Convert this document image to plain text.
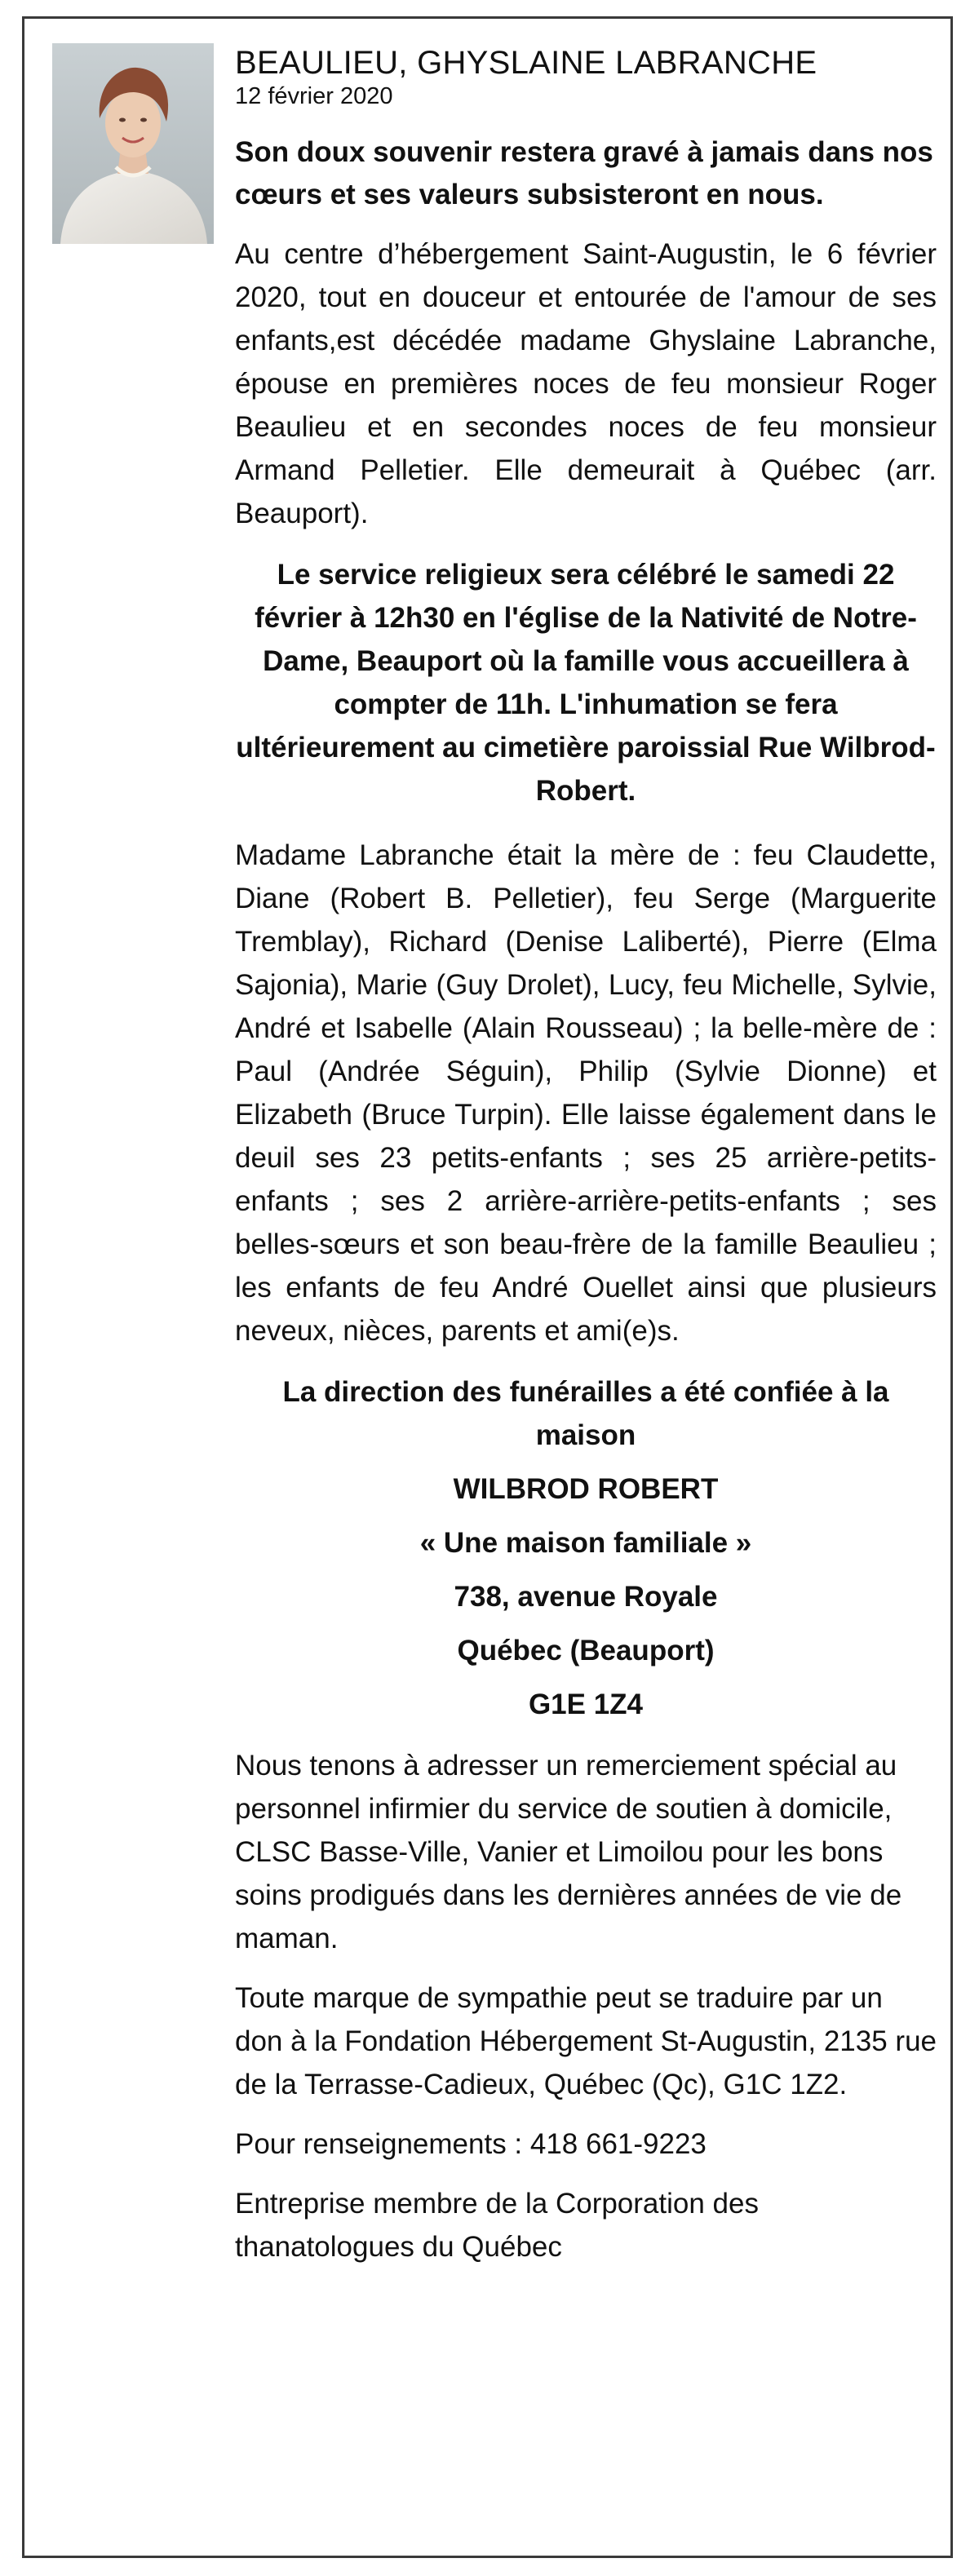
BEAULIEU, GHYSLAINE LABRANCHE
12 février 2020

Son doux souvenir restera gravé à jamais dans nos cœurs et ses valeurs subsisteront en nous.

Au centre d’hébergement Saint-Augustin, le 6 février 2020, tout en douceur et entourée de l'amour de ses enfants,est décédée madame Ghyslaine Labranche, épouse en premières noces de feu monsieur Roger Beaulieu et en secondes noces de feu monsieur Armand Pelletier. Elle demeurait à Québec (arr. Beauport).

Le service religieux sera célébré le samedi 22 février à 12h30 en l'église de la Nativité de Notre-Dame, Beauport où la famille vous accueillera à compter de 11h. L'inhumation se fera ultérieurement au cimetière paroissial Rue Wilbrod-Robert.

Madame Labranche était la mère de : feu Claudette, Diane (Robert B. Pelletier), feu Serge (Marguerite Tremblay), Richard (Denise Laliberté), Pierre (Elma Sajonia), Marie (Guy Drolet), Lucy, feu Michelle, Sylvie, André et Isabelle (Alain Rousseau) ; la belle-mère de : Paul (Andrée Séguin), Philip (Sylvie Dionne) et Elizabeth (Bruce Turpin). Elle laisse également dans le deuil ses 23 petits-enfants ; ses 25 arrière-petits-enfants ; ses 2 arrière-arrière-petits-enfants ; ses belles-sœurs et son beau-frère de la famille Beaulieu ; les enfants de feu André Ouellet ainsi que plusieurs neveux, nièces, parents et ami(e)s.

La direction des funérailles a été confiée à la maison

WILBROD ROBERT

« Une maison familiale »

738, avenue Royale

Québec (Beauport)

G1E 1Z4

Nous tenons à adresser un remerciement spécial au personnel infirmier du service de soutien à domicile, CLSC Basse-Ville, Vanier et Limoilou pour les bons soins prodigués dans les dernières années de vie de maman.

Toute marque de sympathie peut se traduire par un don à la Fondation Hébergement St-Augustin, 2135 rue de la Terrasse-Cadieux, Québec (Qc), G1C 1Z2.

Pour renseignements : 418 661-9223

Entreprise membre de la Corporation des thanatologues du Québec
